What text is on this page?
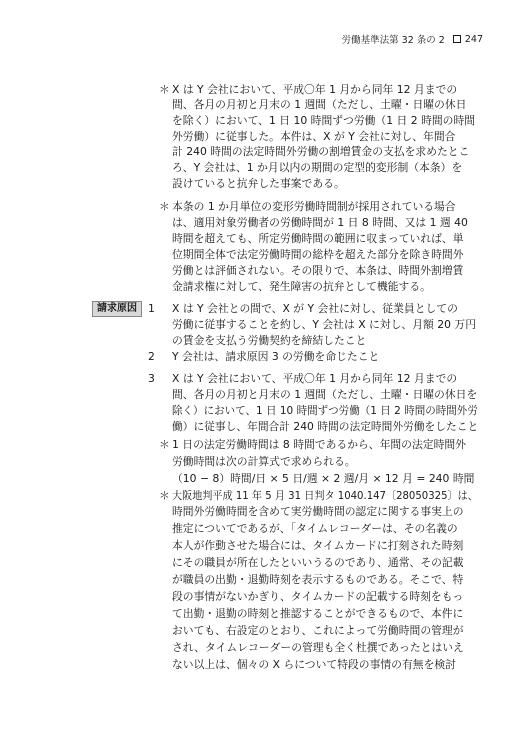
労働基準法第 32 条の 2 247
＊ X は Y 会社において、平成〇年 1 月から同年 12 月までの
間、各月の月初と月末の 1 週間（ただし、土曜・日曜の休日
を除く）において、1 日 10 時間ずつ労働（1 日 2 時間の時間
外労働）に従事した。本件は、X が Y 会社に対し、年間合
計 240 時間の法定時間外労働の割増賃金の支払を求めたとこ
ろ、Y 会社は、1 か月以内の期間の定型的変形制（本条）を
設けていると抗弁した事案である。
＊ 本条の 1 か月単位の変形労働時間制が採用されている場合
は、適用対象労働者の労働時間が 1 日 8 時間、又は 1 週 40
時間を超えても、所定労働時間の範囲に収まっていれば、単
位期間全体で法定労働時間の総枠を超えた部分を除き時間外
労働とは評価されない。その限りで、本条は、時間外割増賃
金請求権に対して、発生障害の抗弁として機能する。
請求原因	1 X は Y 会社との間で、X が Y 会社に対し、従業員としての
労働に従事することを約し、Y 会社は X に対し、月額 20 万円
の賃金を支払う労働契約を締結したこと
2 Y 会社は、請求原因 3 の労働を命じたこと
3 X は Y 会社において、平成〇年 1 月から同年 12 月までの
間、各月の月初と月末の 1 週間（ただし、土曜・日曜の休日を
除く）において、1 日 10 時間ずつ労働（1 日 2 時間の時間外労
働）に従事し、年間合計 240 時間の法定時間外労働をしたこと
＊ 1 日の法定労働時間は 8 時間であるから、年間の法定時間外
労働時間は次の計算式で求められる。
（10 − 8）時間/日 × 5 日/週 × 2 週/月 × 12 月 = 240 時間
＊ 大阪地判平成 11 年 5 月 31 日判タ 1040.147〔28050325〕は、
時間外労働時間を含めて実労働時間の認定に関する事実上の
推定についてであるが、「タイムレコーダーは、その名義の
本人が作動させた場合には、タイムカードに打刻された時刻
にその職員が所在したといいうるのであり、通常、その記載
が職員の出勤・退勤時刻を表示するものである。そこで、特
段の事情がないかぎり、タイムカードの記載する時刻をもっ
て出勤・退勤の時刻と推認することができるもので、本件に
おいても、右設定のとおり、これによって労働時間の管理が
され、タイムレコーダーの管理も全く杜撰であったとはいえ
ない以上は、個々の X らについて特段の事情の有無を検討
